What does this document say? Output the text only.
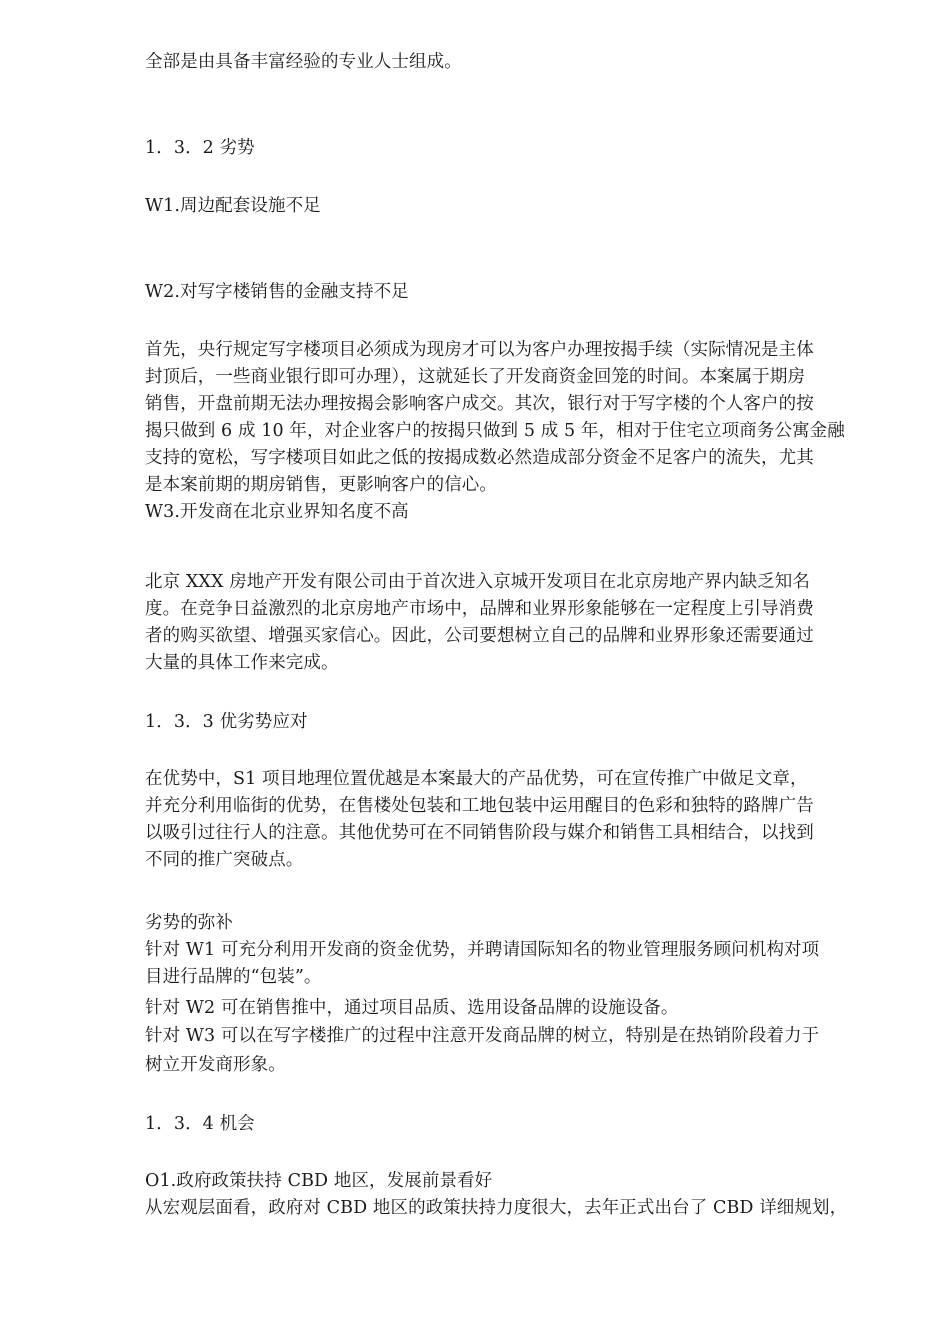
全部是由具备丰富经验的专业人士组成。

1．3．2 劣势

W1.周边配套设施不足

W2.对写字楼销售的金融支持不足

首先，央行规定写字楼项目必须成为现房才可以为客户办理按揭手续（实际情况是主体

封顶后，一些商业银行即可办理），这就延长了开发商资金回笼的时间。本案属于期房

销售，开盘前期无法办理按揭会影响客户成交。其次，银行对于写字楼的个人客户的按

揭只做到 6 成 10 年，对企业客户的按揭只做到 5 成 5 年，相对于住宅立项商务公寓金融

支持的宽松，写字楼项目如此之低的按揭成数必然造成部分资金不足客户的流失，尤其

是本案前期的期房销售，更影响客户的信心。

W3.开发商在北京业界知名度不高

北京 XXX 房地产开发有限公司由于首次进入京城开发项目在北京房地产界内缺乏知名

度。在竞争日益激烈的北京房地产市场中，品牌和业界形象能够在一定程度上引导消费

者的购买欲望、增强买家信心。因此，公司要想树立自己的品牌和业界形象还需要通过

大量的具体工作来完成。

1．3．3 优劣势应对

在优势中，S1 项目地理位置优越是本案最大的产品优势，可在宣传推广中做足文章，

并充分利用临街的优势，在售楼处包装和工地包装中运用醒目的色彩和独特的路牌广告

以吸引过往行人的注意。其他优势可在不同销售阶段与媒介和销售工具相结合，以找到

不同的推广突破点。

劣势的弥补

针对 W1 可充分利用开发商的资金优势，并聘请国际知名的物业管理服务顾问机构对项

目进行品牌的“包装”。

针对 W2 可在销售推中，通过项目品质、选用设备品牌的设施设备。

针对 W3 可以在写字楼推广的过程中注意开发商品牌的树立，特别是在热销阶段着力于

树立开发商形象。

1．3．4 机会

O1.政府政策扶持 CBD 地区，发展前景看好

从宏观层面看，政府对 CBD 地区的政策扶持力度很大，去年正式出台了 CBD 详细规划，
